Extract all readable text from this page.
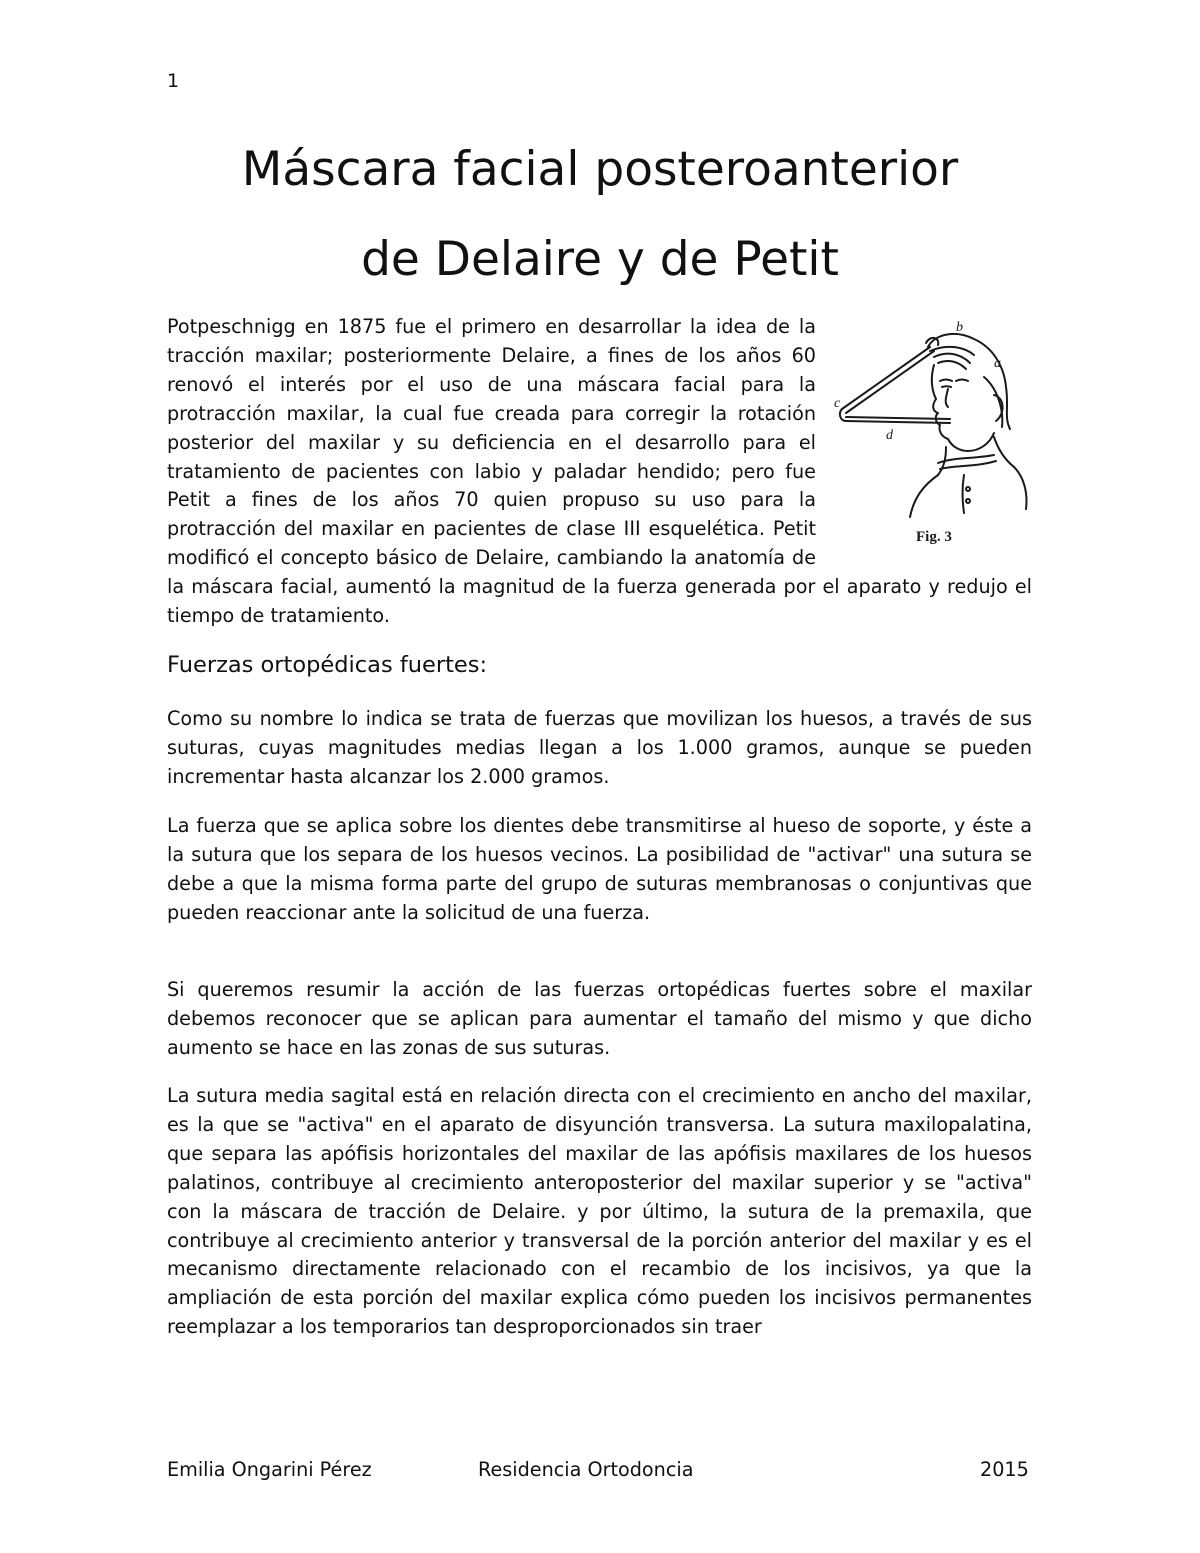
1
Máscara facial posteroanterior
de Delaire y de Petit
b
a
c
d
Fig. 3
Potpeschnigg en 1875 fue el primero en desarrollar la idea de la tracción maxilar; posteriormente Delaire, a fines de los años 60 renovó el interés por el uso de una máscara facial para la protracción maxilar, la cual fue creada para corregir la rotación posterior del maxilar y su deficiencia en el desarrollo para el tratamiento de pacientes con labio y paladar hendido; pero fue Petit a fines de los años 70 quien propuso su uso para la protracción del maxilar en pacientes de clase III esquelética. Petit modificó el concepto básico de Delaire, cambiando la anatomía de la máscara facial, aumentó la magnitud de la fuerza generada por el aparato y redujo el tiempo de tratamiento.
Fuerzas ortopédicas fuertes:

Como su nombre lo indica se trata de fuerzas que movilizan los huesos, a través de sus suturas, cuyas magnitudes medias llegan a los 1.000 gramos, aunque se pueden incrementar hasta alcanzar los 2.000 gramos.

La fuerza que se aplica sobre los dientes debe transmitirse al hueso de soporte, y éste a la sutura que los separa de los huesos vecinos. La posibilidad de "activar" una sutura se debe a que la misma forma parte del grupo de suturas membranosas o conjuntivas que pueden reaccionar ante la solicitud de una fuerza.

Si queremos resumir la acción de las fuerzas ortopédicas fuertes sobre el maxilar debemos reconocer que se aplican para aumentar el tamaño del mismo y que dicho aumento se hace en las zonas de sus suturas.

La sutura media sagital está en relación directa con el crecimiento en ancho del maxilar, es la que se "activa" en el aparato de disyunción transversa. La sutura maxilopalatina, que separa las apófisis horizontales del maxilar de las apófisis maxilares de los huesos palatinos, contribuye al crecimiento anteroposterior del maxilar superior y se "activa" con la máscara de tracción de Delaire. y por último, la sutura de la premaxila, que contribuye al crecimiento anterior y transversal de la porción anterior del maxilar y es el mecanismo directamente relacionado con el recambio de los incisivos, ya que la ampliación de esta porción del maxilar explica cómo pueden los incisivos permanentes reemplazar a los temporarios tan desproporcionados sin traer

Emilia Ongarini Pérez	Residencia Ortodoncia	2015
